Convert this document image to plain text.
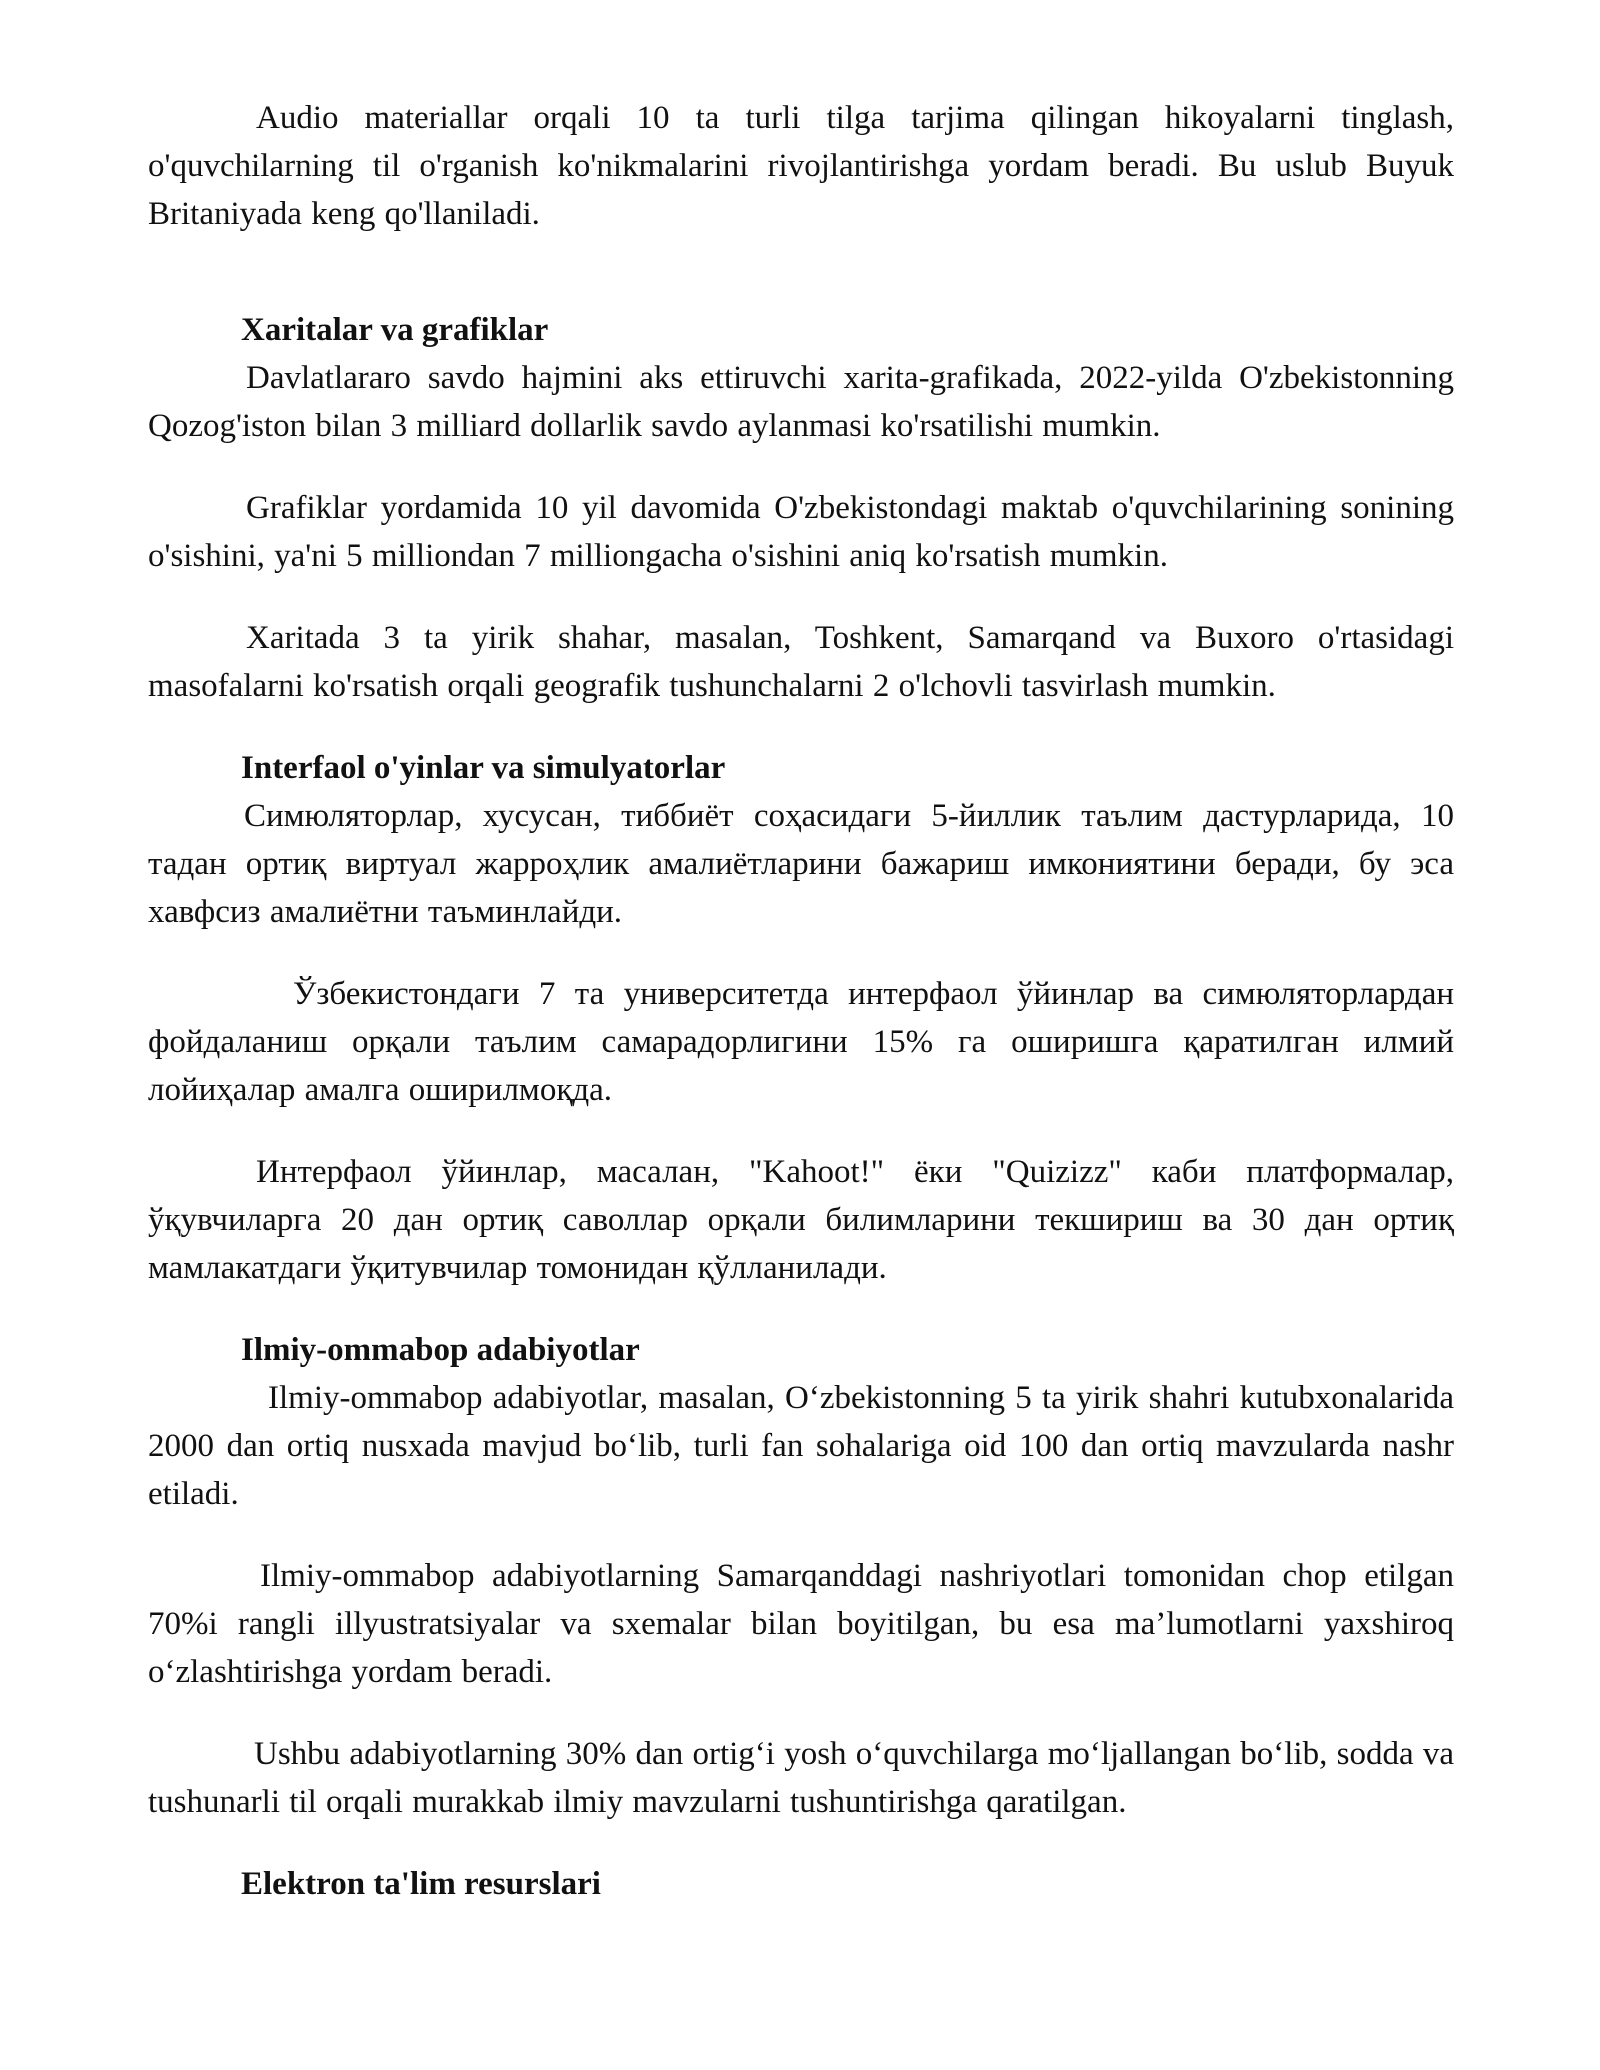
Audio materiallar orqali 10 ta turli tilga tarjima qilingan hikoyalarni tinglash, o'quvchilarning til o'rganish ko'nikmalarini rivojlantirishga yordam beradi. Bu uslub Buyuk Britaniyada keng qo'llaniladi.

Xaritalar va grafiklar

Davlatlararo savdo hajmini aks ettiruvchi xarita-grafikada, 2022-yilda O'zbekistonning Qozog'iston bilan 3 milliard dollarlik savdo aylanmasi ko'rsatilishi mumkin.

Grafiklar yordamida 10 yil davomida O'zbekistondagi maktab o'quvchilarining sonining o'sishini, ya'ni 5 milliondan 7 milliongacha o'sishini aniq ko'rsatish mumkin.

Xaritada 3 ta yirik shahar, masalan, Toshkent, Samarqand va Buxoro o'rtasidagi masofalarni ko'rsatish orqali geografik tushunchalarni 2 o'lchovli tasvirlash mumkin.

Interfaol o'yinlar va simulyatorlar

Симюляторлар, хусусан, тиббиёт соҳасидаги 5-йиллик таълим дастурларида, 10 тадан ортиқ виртуал жарроҳлик амалиётларини бажариш имкониятини беради, бу эса хавфсиз амалиётни таъминлайди.

Ўзбекистондаги 7 та университетда интерфаол ўйинлар ва симюляторлардан фойдаланиш орқали таълим самарадорлигини 15% га оширишга қаратилган илмий лойиҳалар амалга оширилмоқда.

Интерфаол ўйинлар, масалан, "Kahoot!" ёки "Quizizz" каби платформалар, ўқувчиларга 20 дан ортиқ саволлар орқали билимларини текшириш ва 30 дан ортиқ мамлакатдаги ўқитувчилар томонидан қўлланилади.

Ilmiy-ommabop adabiyotlar

Ilmiy-ommabop adabiyotlar, masalan, O‘zbekistonning 5 ta yirik shahri kutubxonalarida 2000 dan ortiq nusxada mavjud bo‘lib, turli fan sohalariga oid 100 dan ortiq mavzularda nashr etiladi.

Ilmiy-ommabop adabiyotlarning Samarqanddagi nashriyotlari tomonidan chop etilgan 70%i rangli illyustratsiyalar va sxemalar bilan boyitilgan, bu esa ma’lumotlarni yaxshiroq o‘zlashtirishga yordam beradi.

Ushbu adabiyotlarning 30% dan ortig‘i yosh o‘quvchilarga mo‘ljallangan bo‘lib, sodda va tushunarli til orqali murakkab ilmiy mavzularni tushuntirishga qaratilgan.

Elektron ta'lim resurslari
